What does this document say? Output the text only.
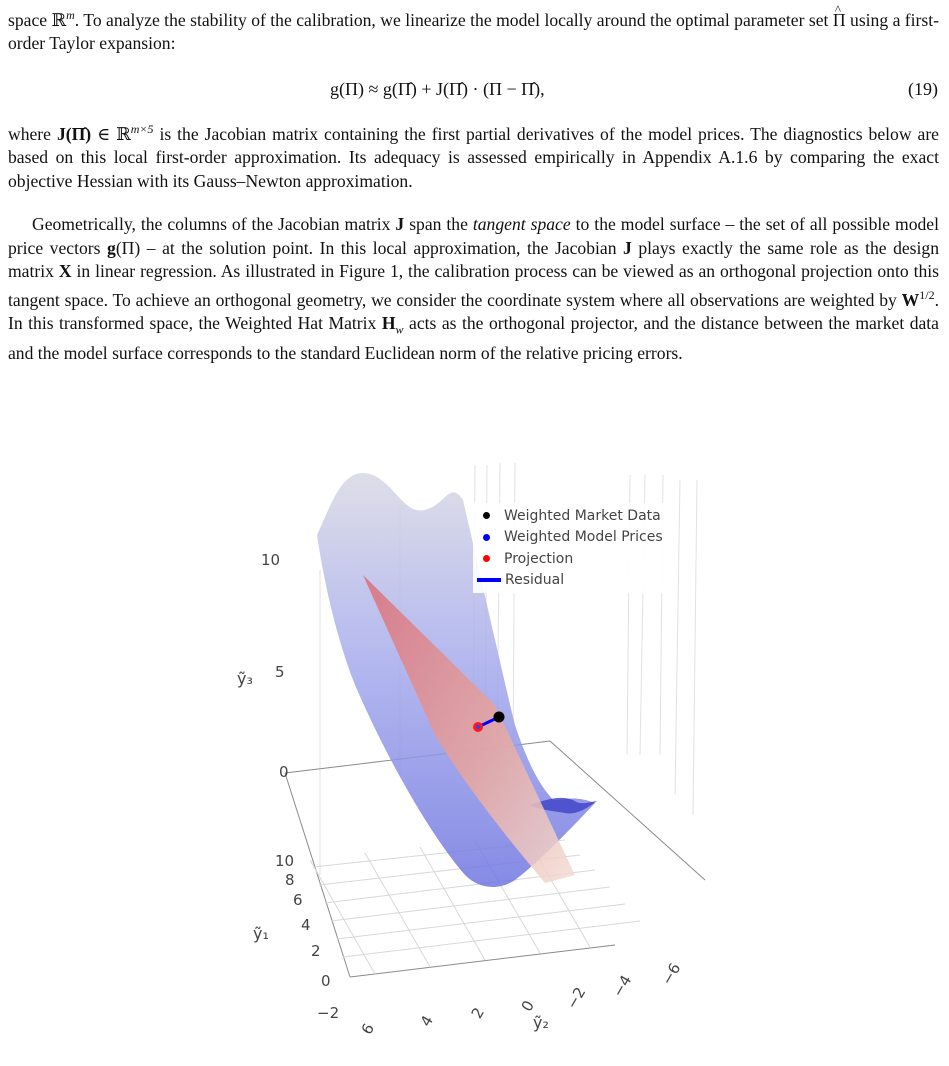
space ℝ$^m$. To analyze the stability of the calibration, we linearize the model locally around the optimal parameter set ^ Π using a first-order Taylor expansion:

g(Π) ≈ g(Π̂) + J(Π̂) · (Π − Π̂),	(19)

where J(Π̂) ∈ ℝ$^{m\times 5}$ is the Jacobian matrix containing the first partial derivatives of the model prices. The diagnostics below are based on this local first-order approximation. Its adequacy is assessed empirically in Appendix A.1.6 by comparing the exact objective Hessian with its Gauss–Newton approximation.

Geometrically, the columns of the Jacobian matrix J span the tangent space to the model surface – the set of all possible model price vectors g(Π) – at the solution point. In this local approximation, the Jacobian J plays exactly the same role as the design matrix X in linear regression. As illustrated in Figure 1, the calibration process can be viewed as an orthogonal projection onto this tangent space. To achieve an orthogonal geometry, we consider the coordinate system where all observations are weighted by $W^{1/2}$. In this transformed space, the Weighted Hat Matrix $H_w$ acts as the orthogonal projector, and the distance between the market data and the model surface corresponds to the standard Euclidean norm of the relative pricing errors.

Weighted Market Data
Weighted Model Prices
Projection
Residual
10
5
0
ỹ₃
10
8
6
4
2
0
−2
ỹ₁
6	4 2 0 −2 −4 −6
ỹ₂
